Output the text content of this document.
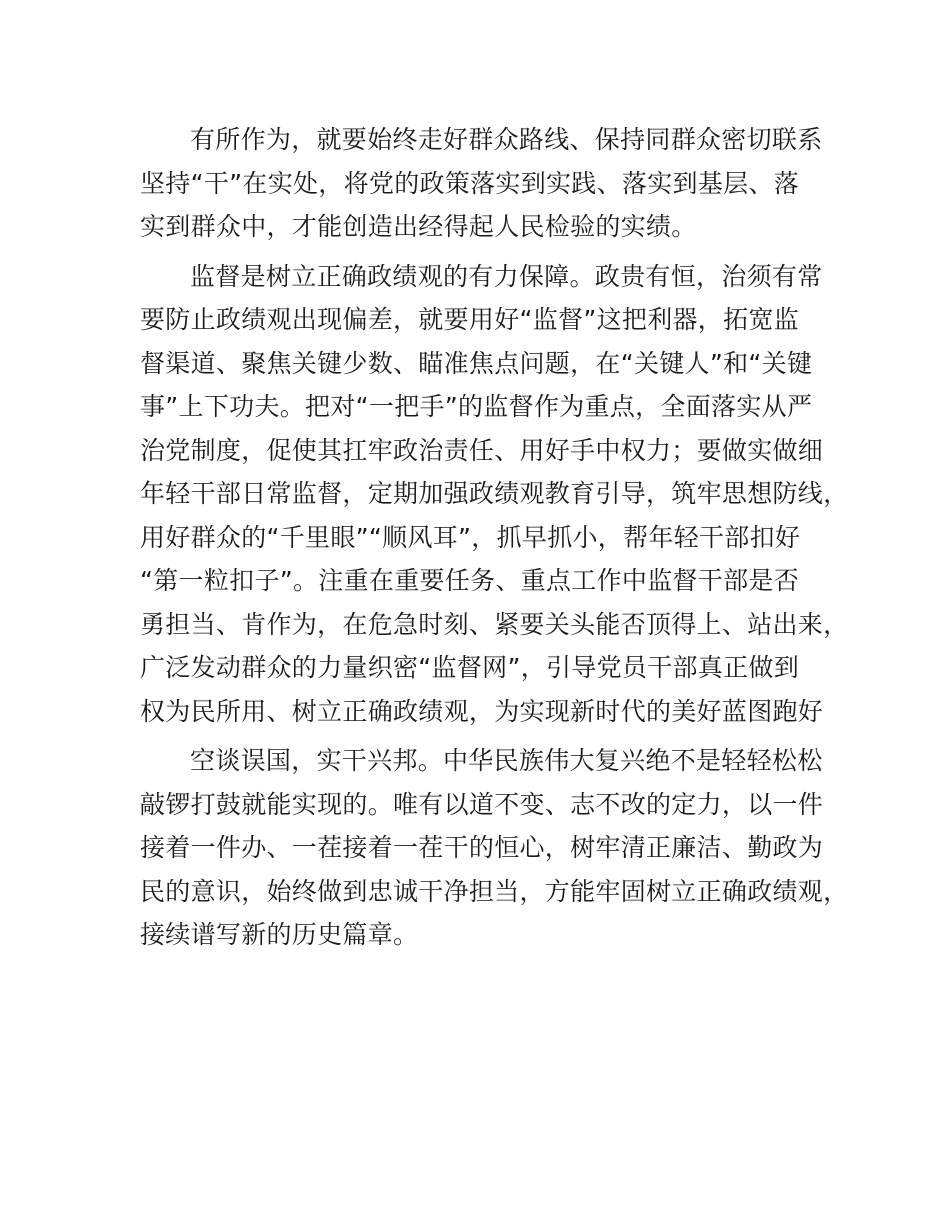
有所作为，就要始终走好群众路线、保持同群众密切联系
坚持“干”在实处，将党的政策落实到实践、落实到基层、落
实到群众中，才能创造出经得起人民检验的实绩。
监督是树立正确政绩观的有力保障。政贵有恒，治须有常
要防止政绩观出现偏差，就要用好“监督”这把利器，拓宽监
督渠道、聚焦关键少数、瞄准焦点问题，在“关键人”和“关键
事”上下功夫。把对“一把手”的监督作为重点，全面落实从严
治党制度，促使其扛牢政治责任、用好手中权力；要做实做细
年轻干部日常监督，定期加强政绩观教育引导，筑牢思想防线，
用好群众的“千里眼”“顺风耳”，抓早抓小，帮年轻干部扣好
“第一粒扣子”。注重在重要任务、重点工作中监督干部是否
勇担当、肯作为，在危急时刻、紧要关头能否顶得上、站出来，
广泛发动群众的力量织密“监督网”，引导党员干部真正做到
权为民所用、树立正确政绩观，为实现新时代的美好蓝图跑好
空谈误国，实干兴邦。中华民族伟大复兴绝不是轻轻松松
敲锣打鼓就能实现的。唯有以道不变、志不改的定力，以一件
接着一件办、一茬接着一茬干的恒心，树牢清正廉洁、勤政为
民的意识，始终做到忠诚干净担当，方能牢固树立正确政绩观，
接续谱写新的历史篇章。
